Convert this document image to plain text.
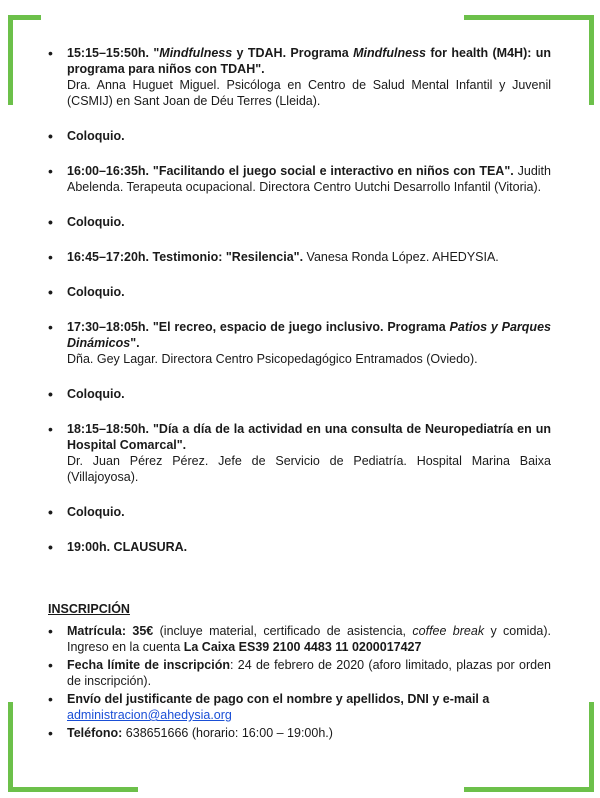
• 15:15–15:50h. "Mindfulness y TDAH. Programa Mindfulness for health (M4H): un programa para niños con TDAH".
Dra. Anna Huguet Miguel. Psicóloga en Centro de Salud Mental Infantil y Juvenil (CSMIJ) en Sant Joan de Déu Terres (Lleida).
• Coloquio.
• 16:00–16:35h. "Facilitando el juego social e interactivo en niños con TEA". Judith Abelenda. Terapeuta ocupacional. Directora Centro Uutchi Desarrollo Infantil (Vitoria).
• Coloquio.
• 16:45–17:20h. Testimonio: "Resilencia". Vanesa Ronda López. AHEDYSIA.
• Coloquio.
• 17:30–18:05h. "El recreo, espacio de juego inclusivo. Programa Patios y Parques Dinámicos".
Dña. Gey Lagar. Directora Centro Psicopedagógico Entramados (Oviedo).
• Coloquio.
• 18:15–18:50h. "Día a día de la actividad en una consulta de Neuropediatría en un Hospital Comarcal".
Dr. Juan Pérez Pérez. Jefe de Servicio de Pediatría. Hospital Marina Baixa (Villajoyosa).
• Coloquio.
• 19:00h. CLAUSURA.
INSCRIPCIÓN
• Matrícula: 35€ (incluye material, certificado de asistencia, coffee break y comida). Ingreso en la cuenta La Caixa ES39 2100 4483 11 0200017427
• Fecha límite de inscripción: 24 de febrero de 2020 (aforo limitado, plazas por orden de inscripción).
• Envío del justificante de pago con el nombre y apellidos, DNI y e-mail a
administracion@ahedysia.org
• Teléfono: 638651666 (horario: 16:00 – 19:00h.)
